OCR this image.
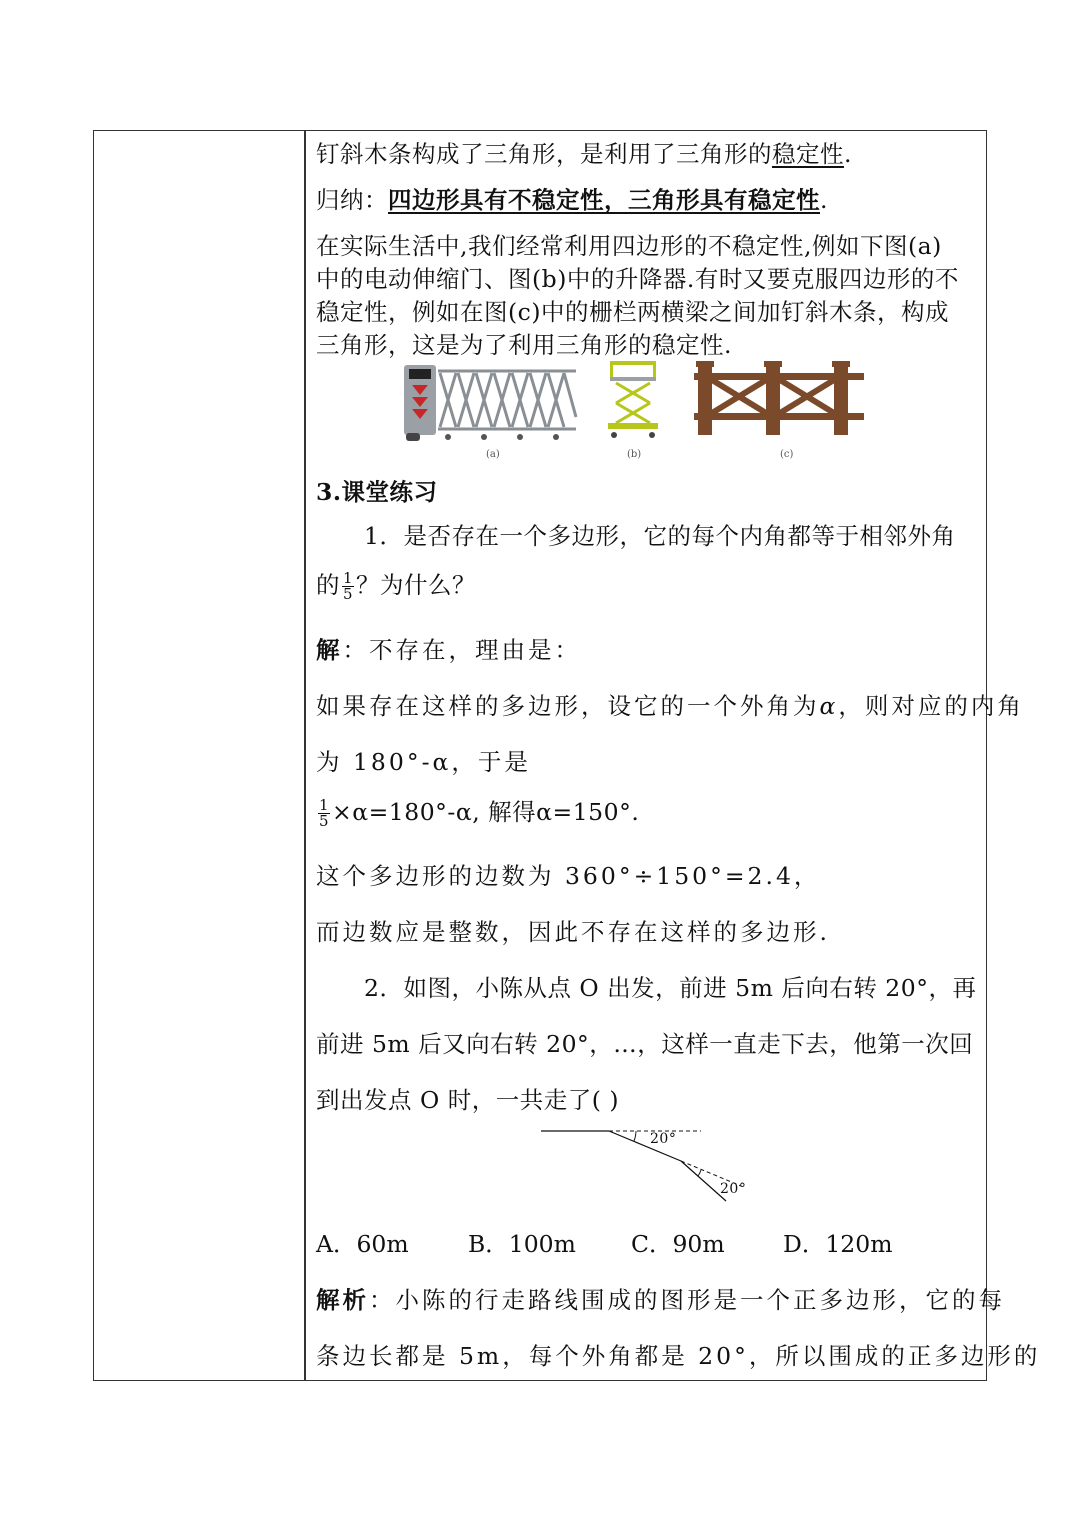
钉斜木条构成了三角形，是利用了三角形的稳定性.
归纳：四边形具有不稳定性，三角形具有稳定性.
在实际生活中,我们经常利用四边形的不稳定性,例如下图(a)
中的电动伸缩门、图(b)中的升降器.有时又要克服四边形的不
稳定性，例如在图(c)中的栅栏两横梁之间加钉斜木条，构成
三角形，这是为了利用三角形的稳定性.
(a)	(b)	(c)
3.课堂练习
1．是否存在一个多边形，它的每个内角都等于相邻外角
的 $\frac{1}{5}$ ？为什么？
解：不存在，理由是：
如果存在这样的多边形，设它的一个外角为α，则对应的内角
为 180°-α，于是
$\frac{1}{5} \times\alpha=180^\circ-\alpha$, 解得α=150°.
这个多边形的边数为 360°÷150°=2.4，
而边数应是整数，因此不存在这样的多边形.
2．如图，小陈从点 O 出发，前进 5m 后向右转 20°，再
前进 5m 后又向右转 20°，…，这样一直走下去，他第一次回
到出发点 O 时，一共走了( )
20°
20°
A．60m	B．100m C．90m D．120m
解析：小陈的行走路线围成的图形是一个正多边形，它的每
条边长都是 5m，每个外角都是 20°，所以围成的正多边形的
